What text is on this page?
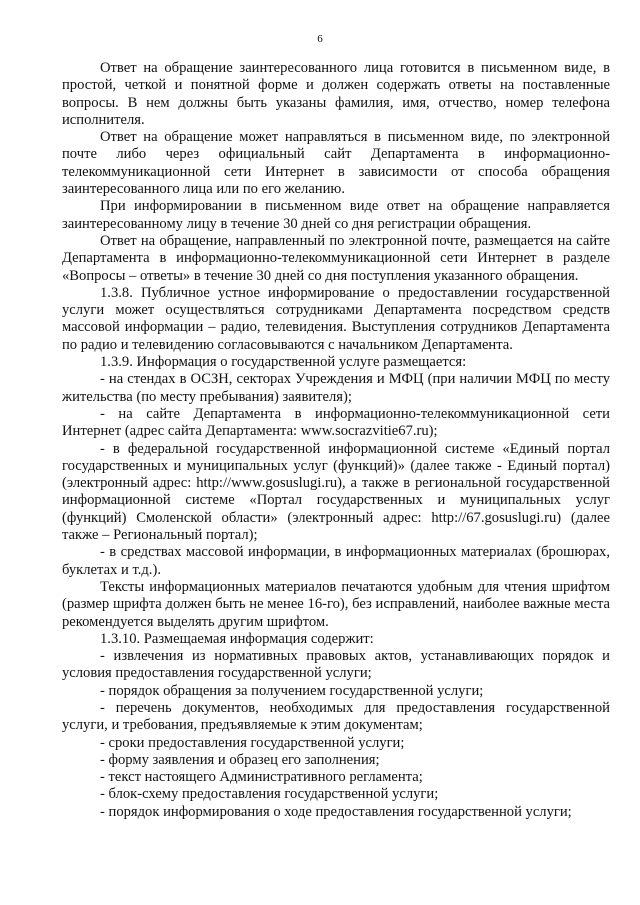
6

Ответ на обращение заинтересованного лица готовится в письменном виде, в простой, четкой и понятной форме и должен содержать ответы на поставленные вопросы. В нем должны быть указаны фамилия, имя, отчество, номер телефона исполнителя.

Ответ на обращение может направляться в письменном виде, по электронной почте либо через официальный сайт Департамента в информационно-телекоммуникационной сети Интернет в зависимости от способа обращения заинтересованного лица или по его желанию.

При информировании в письменном виде ответ на обращение направляется заинтересованному лицу в течение 30 дней со дня регистрации обращения.

Ответ на обращение, направленный по электронной почте, размещается на сайте Департамента в информационно-телекоммуникационной сети Интернет в разделе «Вопросы – ответы» в течение 30 дней со дня поступления указанного обращения.

1.3.8. Публичное устное информирование о предоставлении государственной услуги может осуществляться сотрудниками Департамента посредством средств массовой информации – радио, телевидения. Выступления сотрудников Департамента по радио и телевидению согласовываются с начальником Департамента.

1.3.9. Информация о государственной услуге размещается:

- на стендах в ОСЗН, секторах Учреждения и МФЦ (при наличии МФЦ по месту жительства (по месту пребывания) заявителя);

- на сайте Департамента в информационно-телекоммуникационной сети Интернет (адрес сайта Департамента: www.socrazvitie67.ru);

- в федеральной государственной информационной системе «Единый портал государственных и муниципальных услуг (функций)» (далее также - Единый портал) (электронный адрес: http://www.gosuslugi.ru), а также в региональной государственной информационной системе «Портал государственных и муниципальных услуг (функций) Смоленской области» (электронный адрес: http://67.gosuslugi.ru) (далее также – Региональный портал);

- в средствах массовой информации, в информационных материалах (брошюрах, буклетах и т.д.).

Тексты информационных материалов печатаются удобным для чтения шрифтом (размер шрифта должен быть не менее 16-го), без исправлений, наиболее важные места рекомендуется выделять другим шрифтом.

1.3.10. Размещаемая информация содержит:

- извлечения из нормативных правовых актов, устанавливающих порядок и условия предоставления государственной услуги;

- порядок обращения за получением государственной услуги;

- перечень документов, необходимых для предоставления государственной услуги, и требования, предъявляемые к этим документам;

- сроки предоставления государственной услуги;

- форму заявления и образец его заполнения;

- текст настоящего Административного регламента;

- блок-схему предоставления государственной услуги;

- порядок информирования о ходе предоставления государственной услуги;
